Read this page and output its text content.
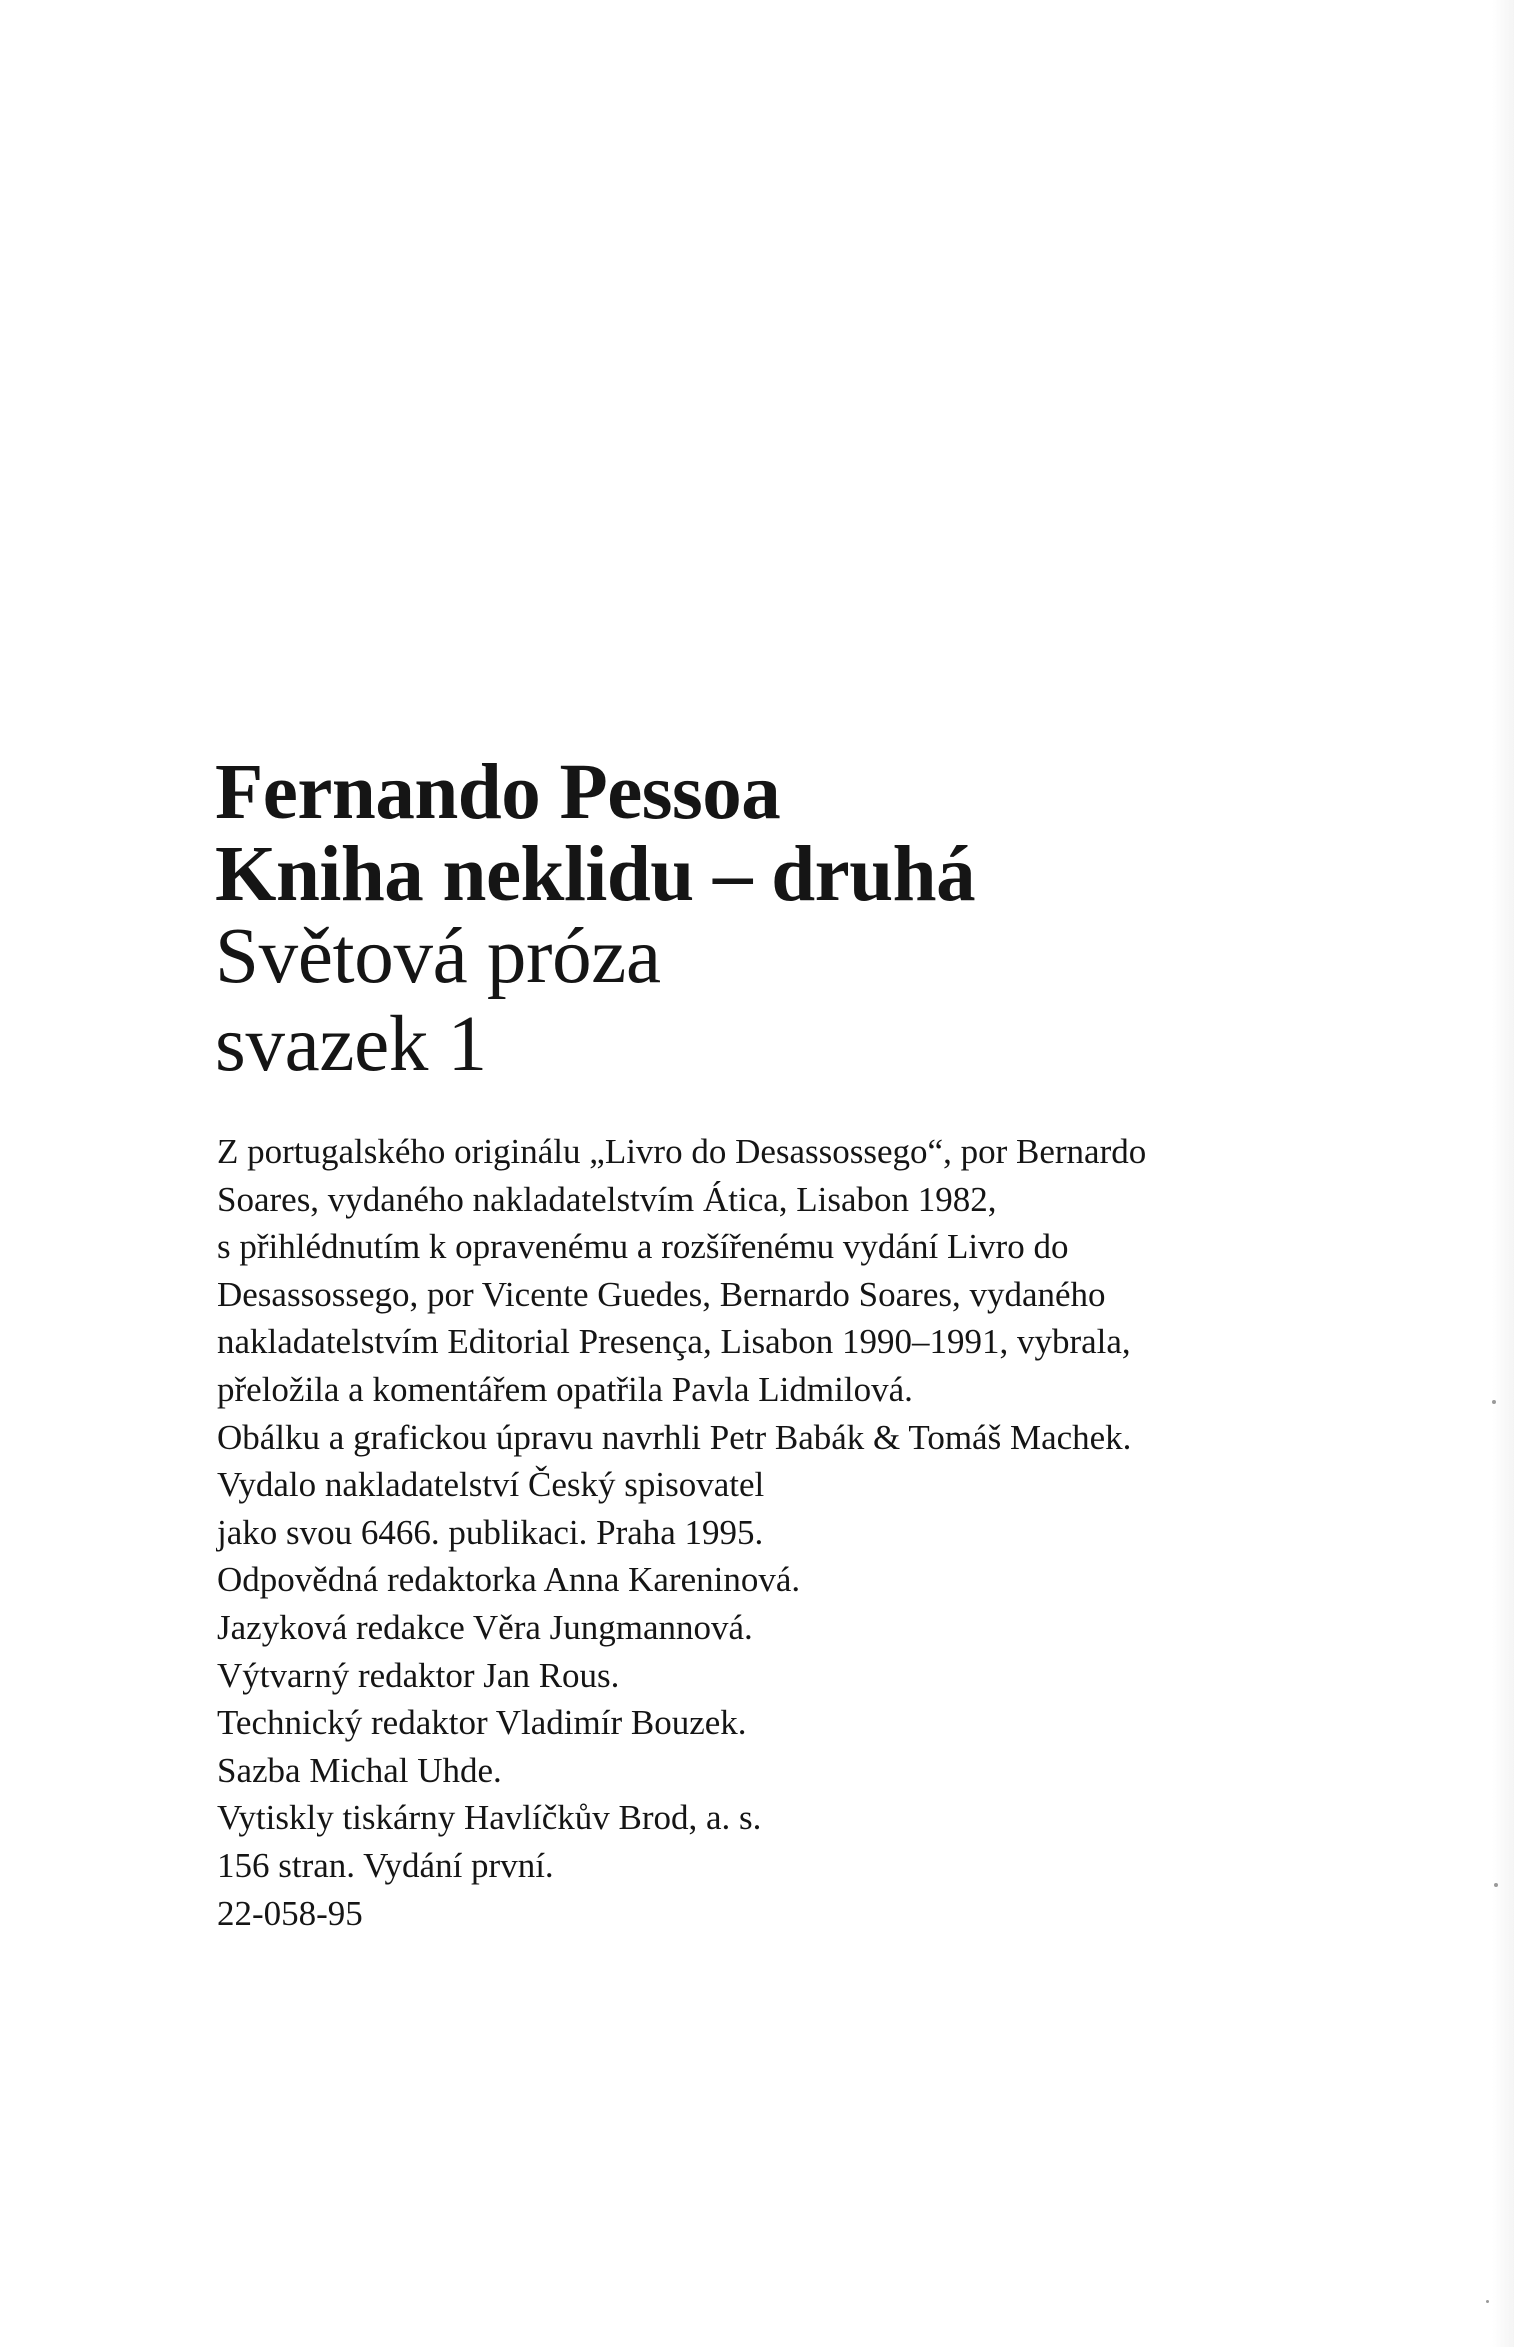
Fernando Pessoa
Kniha neklidu – druhá
Světová próza
svazek 1

Z portugalského originálu „Livro do Desassossego“, por Bernardo

Soares, vydaného nakladatelstvím Ática, Lisabon 1982,

s přihlédnutím k opravenému a rozšířenému vydání Livro do

Desassossego, por Vicente Guedes, Bernardo Soares, vydaného

nakladatelstvím Editorial Presença, Lisabon 1990–1991, vybrala,

přeložila a komentářem opatřila Pavla Lidmilová.

Obálku a grafickou úpravu navrhli Petr Babák & Tomáš Machek.

Vydalo nakladatelství Český spisovatel

jako svou 6466. publikaci. Praha 1995.

Odpovědná redaktorka Anna Kareninová.

Jazyková redakce Věra Jungmannová.

Výtvarný redaktor Jan Rous.

Technický redaktor Vladimír Bouzek.

Sazba Michal Uhde.

Vytiskly tiskárny Havlíčkův Brod, a. s.

156 stran. Vydání první.

22-058-95
